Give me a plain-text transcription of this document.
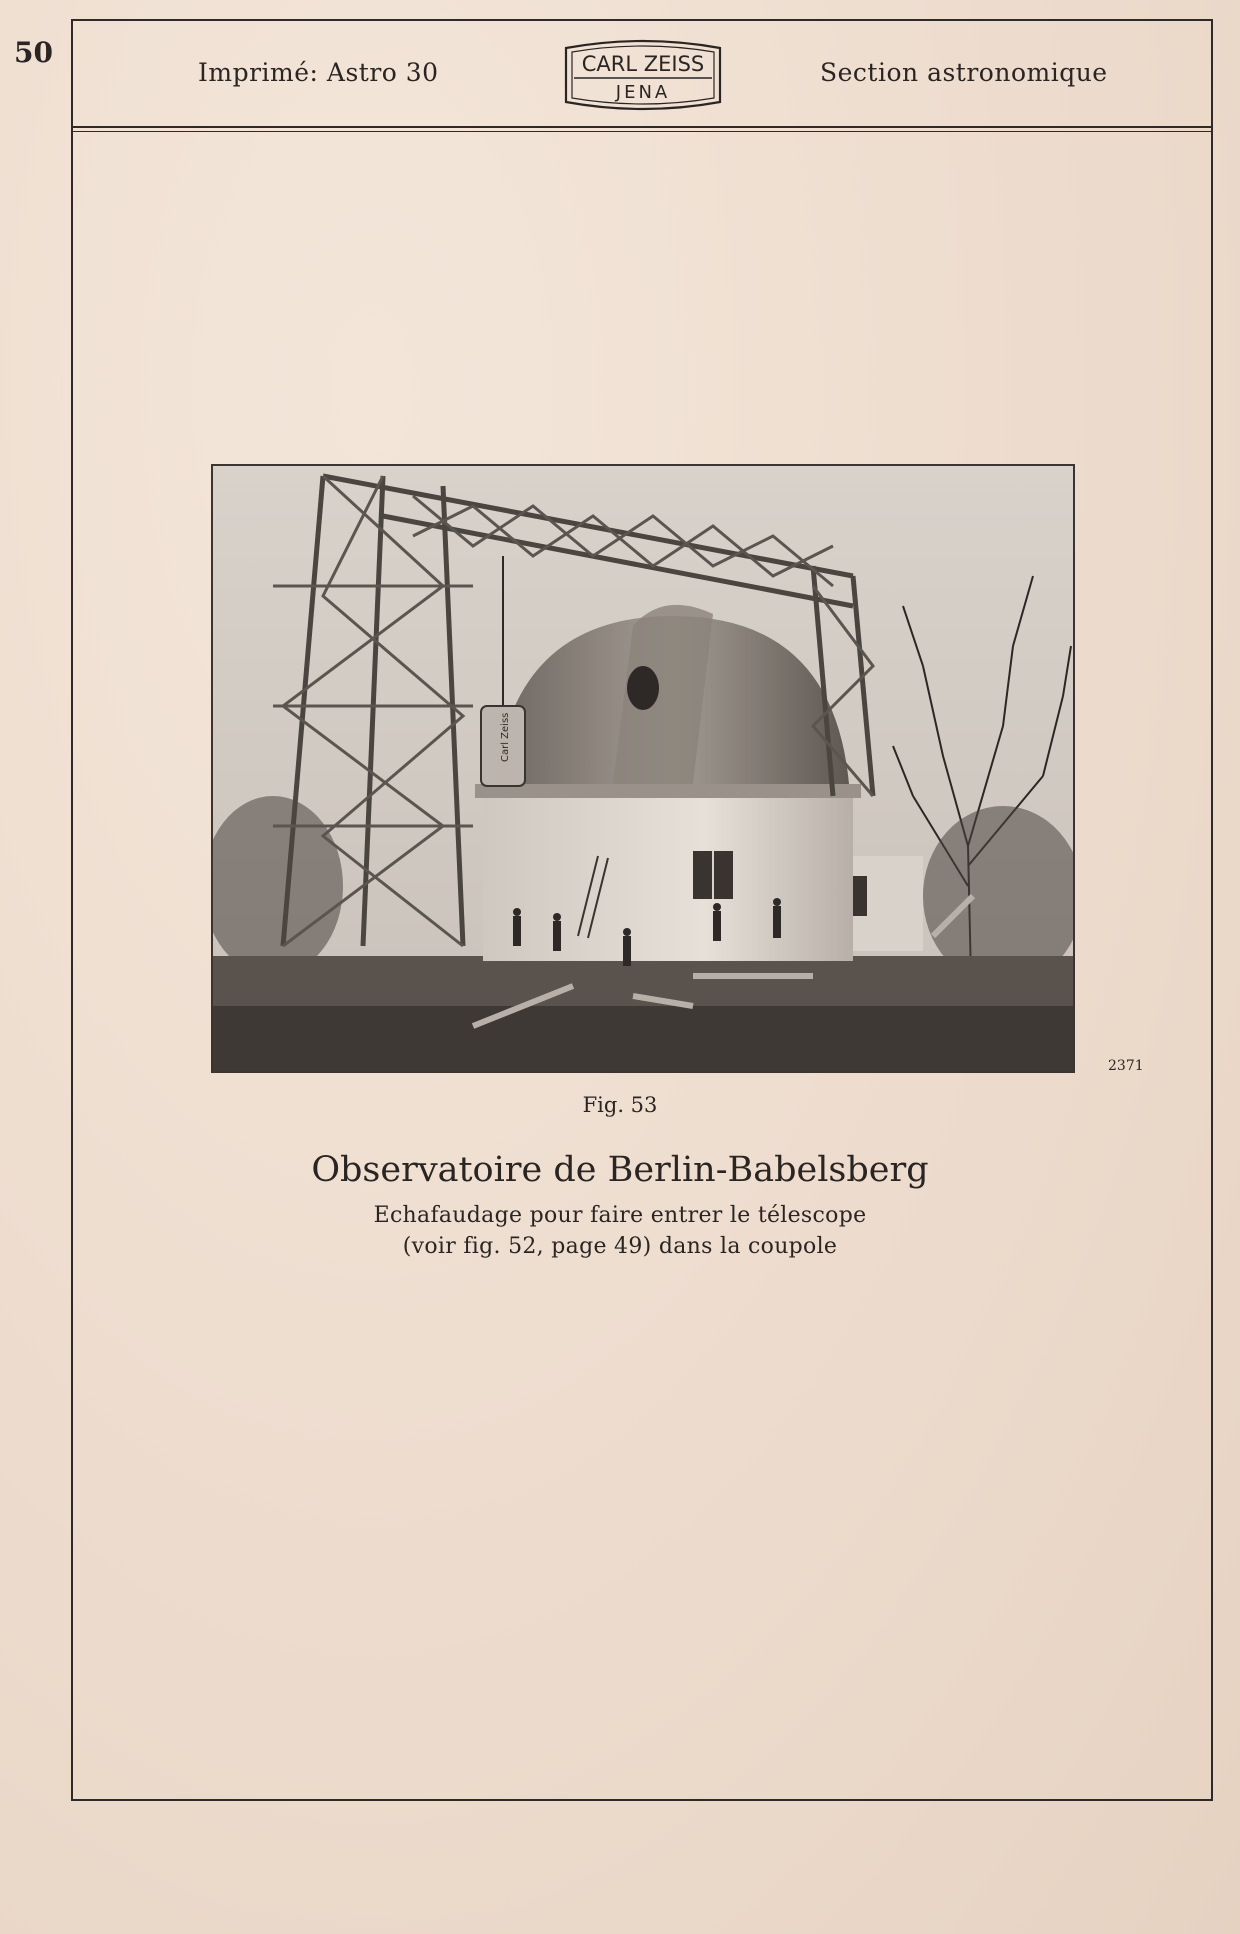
50
Imprimé: Astro 30	CARL ZEISS
JENA
Section astronomique
Carl Zeiss
2371
Fig. 53
Observatoire de Berlin-Babelsberg
Echafaudage pour faire entrer le télescope
(voir fig. 52, page 49) dans la coupole
